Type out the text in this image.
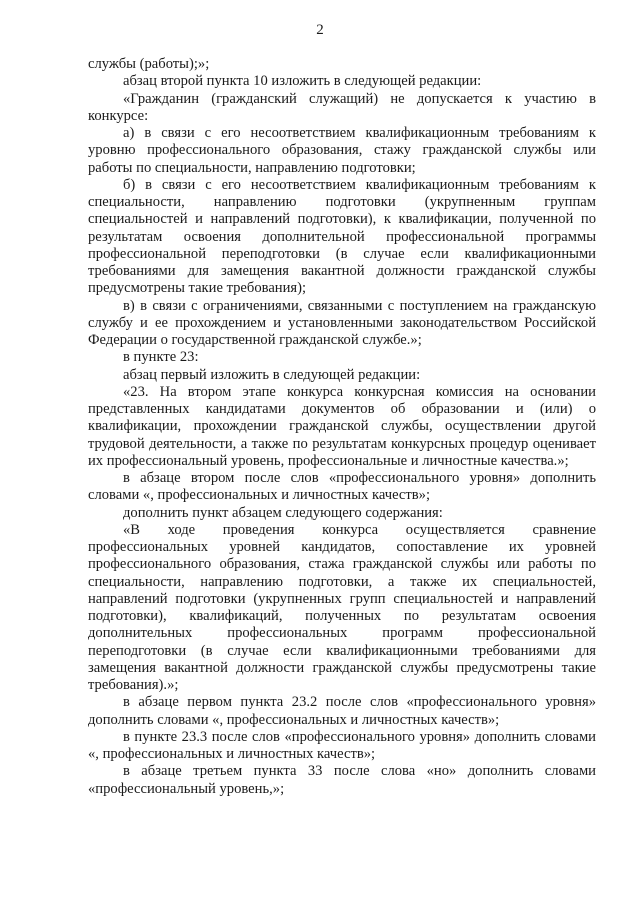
2

службы (работы);»;

абзац второй пункта 10 изложить в следующей редакции:

«Гражданин (гражданский служащий) не допускается к участию в конкурсе:

а) в связи с его несоответствием квалификационным требованиям к уровню профессионального образования, стажу гражданской службы или работы по специальности, направлению подготовки;

б) в связи с его несоответствием квалификационным требованиям к специальности, направлению подготовки (укрупненным группам специальностей и направлений подготовки), к квалификации, полученной по результатам освоения дополнительной профессиональной программы профессиональной переподготовки (в случае если квалификационными требованиями для замещения вакантной должности гражданской службы предусмотрены такие требования);

в) в связи с ограничениями, связанными с поступлением на гражданскую службу и ее прохождением и установленными законодательством Российской Федерации о государственной гражданской службе.»;

в пункте 23:

абзац первый изложить в следующей редакции:

«23. На втором этапе конкурса конкурсная комиссия на основании представленных кандидатами документов об образовании и (или) о квалификации, прохождении гражданской службы, осуществлении другой трудовой деятельности, а также по результатам конкурсных процедур оценивает их профессиональный уровень, профессиональные и личностные качества.»;

в абзаце втором после слов «профессионального уровня» дополнить словами «, профессиональных и личностных качеств»;

дополнить пункт абзацем следующего содержания:

«В ходе проведения конкурса осуществляется сравнение профессиональных уровней кандидатов, сопоставление их уровней профессионального образования, стажа гражданской службы или работы по специальности, направлению подготовки, а также их специальностей, направлений подготовки (укрупненных групп специальностей и направлений подготовки), квалификаций, полученных по результатам освоения дополнительных профессиональных программ профессиональной переподготовки (в случае если квалификационными требованиями для замещения вакантной должности гражданской службы предусмотрены такие требования).»;

в абзаце первом пункта 23.2 после слов «профессионального уровня» дополнить словами «, профессиональных и личностных качеств»;

в пункте 23.3 после слов «профессионального уровня» дополнить словами «, профессиональных и личностных качеств»;

в абзаце третьем пункта 33 после слова «но» дополнить словами «профессиональный уровень,»;
